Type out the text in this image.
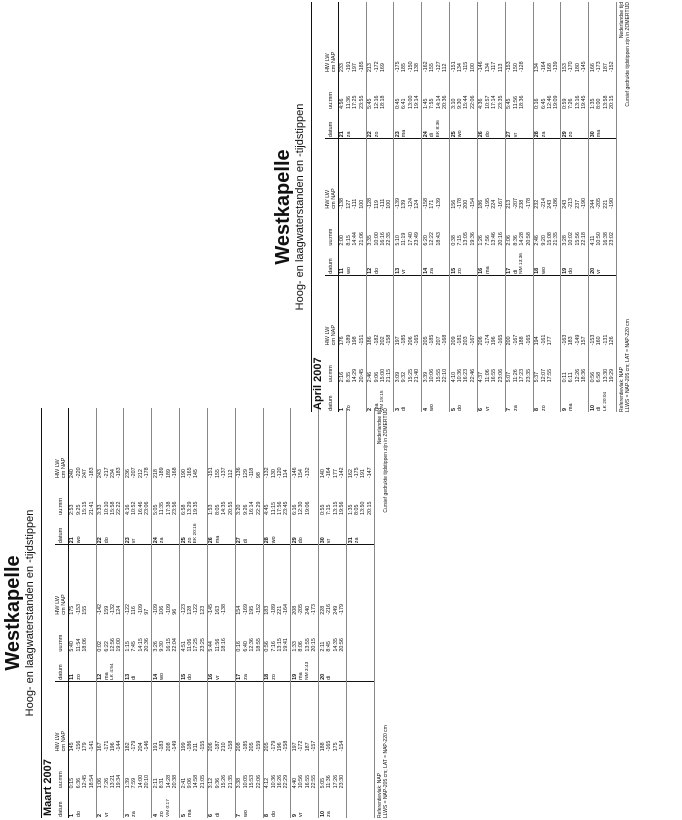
Westkapelle Hoog- en laagwaterstanden en -tijdstippen
Maart 2007 datum	uu:mm	HW LW cm NAP	datum	uu:mm	HW LW cm NAP	datum	uu:mm	HW LW cm NAP

1 do	0:15 6:36 12:45 18:54	145 -156 179 -141	11 zo	5:40 11:54 18:06	175 -153 155	21 wo	2:53 9:25 15:15 21:41	240 -220 247 -183

2 vr	1:06 7:26 13:21 19:34	167 -171 196 -144	12 ma LK 4:54	0:02 6:22 12:56 19:00	-142 159 -132 124	22 do	3:33 10:10 15:58 22:22	243 -217 234 -183

3 za	1:39 7:59 14:00 20:10	182 -179 204 -146	13 di	1:15 7:45 14:15 20:36	-122 116 -109 97	23 vr	4:16 10:52 16:46 23:06	236 -207 212 -178

4 zo VM 0:17	2:11 8:31 14:28 20:38	191 -183 208 -149	14 wo	3:26 9:30 16:15 22:04	-109 106 -109 96	24 za	5:05 11:35 17:38 23:56	218 -189 189 -168

5 ma	2:41 9:06 14:58 21:05	199 -186 211 -155	15 do	4:51 11:06 17:25 23:25	-123 128 -122 123	25 zo EK 20:16	6:58 13:29 19:35	190 -165 145

6 di	3:12 9:36 15:26 21:35	206 -187 210 -158	16 vr	5:44 11:56 18:16	-145 163 -138	26 ma	1:53 8:05 14:35 20:55	-151 155 -137 112

7 wo	3:38 10:05 15:53 22:06	208 -185 205 -159	17 za	0:16 6:40 12:36 18:55	154 -169 195 -152	27 di	3:20 9:26 16:14 22:29	-136 129 -118 98

8 do	4:12 10:36 16:26 22:29	205 -179 196 -158	18 zo	0:56 7:16 13:15 19:41	183 -189 221 -164	28 wo	4:45 11:15 17:56 23:45	-132 130 -120 114

9 vr	4:40 10:56 16:55 22:55	197 -172 187 -157	19 ma NM 3:43	1:33 8:06 13:55 20:15	208 -205 240 -173	29 do	6:16 12:30 19:06	-146 154 -132

10 za	5:05 11:36 17:26 23:30	188 -165 175 -154	20 di	2:11 8:45 14:35 20:56	228 -216 249 -179	30 vr	0:55 7:15 13:15 19:56	140 -164 177 -142

						31 za	1:35 8:05 13:50 20:15	162 -175 191 -147
Referentievlak: NAP LLWS = NAP-205 cm; LAT = NAP-220 cm
Nederlandse tijd Cursief gedrukte tijdstippen zijn in ZOMERTIJD
Westkapelle Hoog- en laagwaterstanden en -tijdstippen
April 2007 datum	uu:mm	HW LW cm NAP	datum	uu:mm	HW LW cm NAP	datum	uu:mm	HW LW cm NAP

1 zo	2:16 8:35 14:29 20:45	176 -189 198 -151	11 wo	2:00 8:15 14:44 21:06	-138 127 -111 100	21 za	4:56 11:36 17:25 23:55	233 -191 197 -185

2 ma VM 19:15	2:46 9:06 15:00 21:15	186 -182 202 -158	12 do	3:35 10:00 16:16 22:35	-128 119 -111 100	22 zo	5:45 12:16 18:18	213 -172 169

3 di	3:09 9:32 15:25 21:40	197 -185 206 -165	13 vr	5:10 11:19 17:40 23:49	-139 139 -124 124	23 ma	0:45 6:41 13:00 19:14	-175 185 -150 138

4 wo	3:39 10:06 15:55 22:10	205 -185 207 -168	14 za	6:20 12:22 18:43	-158 171 -139	24 di EK 8:36	1:45 7:55 14:14 20:36	-162 155 -127 112

5 do	4:10 10:36 16:23 22:46	209 -181 203 -167	15 zo	0:38 7:15 13:05 19:36	156 -178 200 -154	25 wo	3:10 9:30 15:44 22:06	-151 134 -115 100

6 vr	4:37 11:06 16:55 23:06	206 -174 196 -165	16 ma	1:26 7:56 13:46 20:16	186 -195 224 -167	26 do	4:36 10:57 17:14 23:35	-146 134 -117 113

7 za	5:07 11:26 17:23 23:35	200 -167 188 -165	17 di NM 13:36	2:06 8:36 14:28 20:58	213 -207 238 -178	27 vr	5:45 11:56 18:36	-153 150 -128

8 zo	5:37 12:07 17:55	194 -161 177	18 wo	2:46 9:20 15:08 21:35	232 -214 243 -186	28 za	0:16 6:45 12:46 19:09	134 -164 168 -139

9 ma	0:11 6:11 12:26 18:36	-163 183 -149 157	19 do	3:28 10:02 15:56 22:18	243 -213 237 -190	29 zo	0:59 7:26 13:16 19:45	153 -170 180 -145

10 di LK 20:04	0:56 6:58 13:30 19:29	-153 160 -131 126	20 vr	4:11 10:50 16:38 23:02	244 -205 221 -190	30 ma	1:35 8:00 13:58 20:15	166 -173 187 -152
Referentievlak: NAP LLWS = NAP-205 cm; LAT = NAP-220 cm
Nederlandse tijd Cursief gedrukte tijdstippen zijn in ZOMERTIJD
